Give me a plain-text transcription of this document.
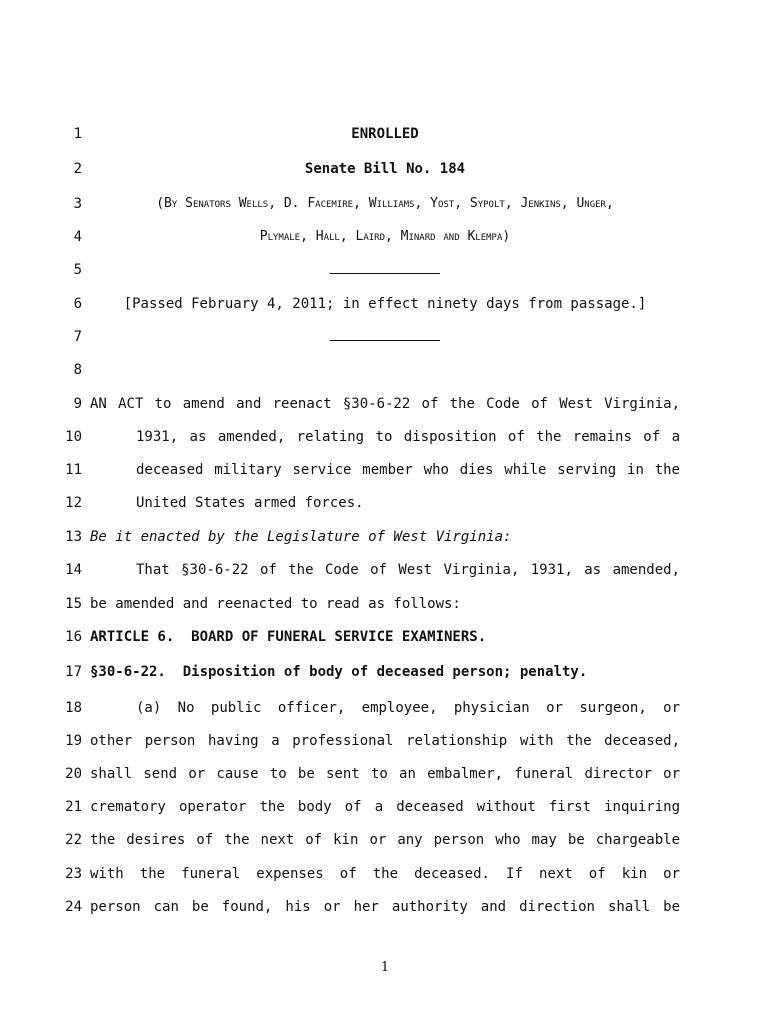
1	ENROLLED
2	Senate Bill No. 184
3	(By Senators Wells, D. Facemire, Williams, Yost, Sypolt, Jenkins, Unger,
4	Plymale, Hall, Laird, Minard and Klempa)
5
6	[Passed February 4, 2011; in effect ninety days from passage.]
7
8
9 AN ACT to amend and reenact §30-6-22 of the Code of West Virginia,
10	1931, as amended, relating to disposition of the remains of a
11	deceased military service member who dies while serving in the
12	United States armed forces.
13 Be it enacted by the Legislature of West Virginia:
14	That §30-6-22 of the Code of West Virginia, 1931, as amended,
15 be amended and reenacted to read as follows:
16 ARTICLE 6.  BOARD OF FUNERAL SERVICE EXAMINERS.
17 §30-6-22.  Disposition of body of deceased person; penalty.
18	(a) No public officer, employee, physician or surgeon, or
19 other person having a professional relationship with the deceased,
20 shall send or cause to be sent to an embalmer, funeral director or
21 crematory operator the body of a deceased without first inquiring
22 the desires of the next of kin or any person who may be chargeable
23 with the funeral expenses of the deceased. If next of kin or
24 person can be found, his or her authority and direction shall be
1
